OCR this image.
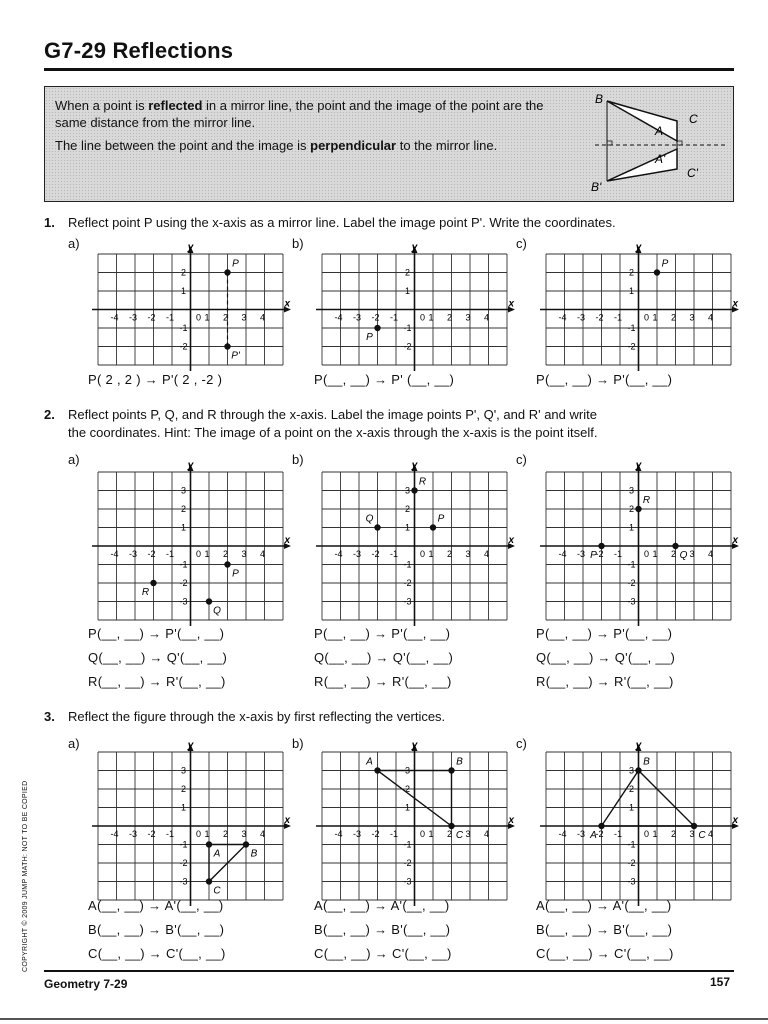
G7-29 Reflections

When a point is reflected in a mirror line, the point and the image of the point are the same distance from the mirror line.

The line between the point and the image is perpendicular to the mirror line.

B
C
A
A'
B'
C'
1. Reflect point P using the x-axis as a mirror line. Label the image point P'. Write the coordinates.
2. Reflect points P, Q, and R through the x-axis. Label the image points P', Q', and R' and write
the coordinates. Hint: The image of a point on the x-axis through the x-axis is the point itself.
3. Reflect the figure through the x-axis by first reflecting the vertices.
a)	b)	c)
a)	b)	c)
a)	b)	c)
0
-4 -3 -2 -1	1 2 3 4
2
1
-1
-2
P
P'
y
x
0
-4 -3 -2 -1	1 2 3 4
2
1
-1
-2
P
y
x
0
-4 -3 -2 -1	1 2 3 4
2
1
-1
-2
P
y
x
0
-4 -3 -2 -1	1 2 3 4
3
2
1
-1
-2
-3
R
P
Q
y
x
0
-4 -3 -2 -1	1 2 3 4
3
2
1
-1
-2
-3
R
Q	P
y
x
0
-4 -3 -2 -1	1 2 3 4
3
2
1
-1
-2
-3
R
P	Q
y
x
0
-4 -3 -2 -1	1 2 3 4
3
2
1
-1
-2
-3
A	B
C
y
x
0
-4 -3 -2 -1	1 2 3 4
3
2
1
-1
-2
-3
A	B
C
y
x
0
-4 -3 -2 -1	1 2 3 4
3
2
1
-1
-2
-3
A
B
C
y
x
P( 2 , 2 ) → P'( 2 , -2 )	P(__, __) → P' (__, __)	P(__, __) → P'(__, __)
P(__, __) → P'(__, __)
Q(__, __) → Q'(__, __)
R(__, __) → R'(__, __)
P(__, __) → P'(__, __)
Q(__, __) → Q'(__, __)
R(__, __) → R'(__, __)
P(__, __) → P'(__, __)
Q(__, __) → Q'(__, __)
R(__, __) → R'(__, __)
A(__, __) → A'(__, __)
B(__, __) → B'(__, __)
C(__, __) → C'(__, __)
A(__, __) → A'(__, __)
B(__, __) → B'(__, __)
C(__, __) → C'(__, __)
A(__, __) → A'(__, __)
B(__, __) → B'(__, __)
C(__, __) → C'(__, __)
Geometry 7-29	157
COPYRIGHT © 2009 JUMP MATH: NOT TO BE COPIED
